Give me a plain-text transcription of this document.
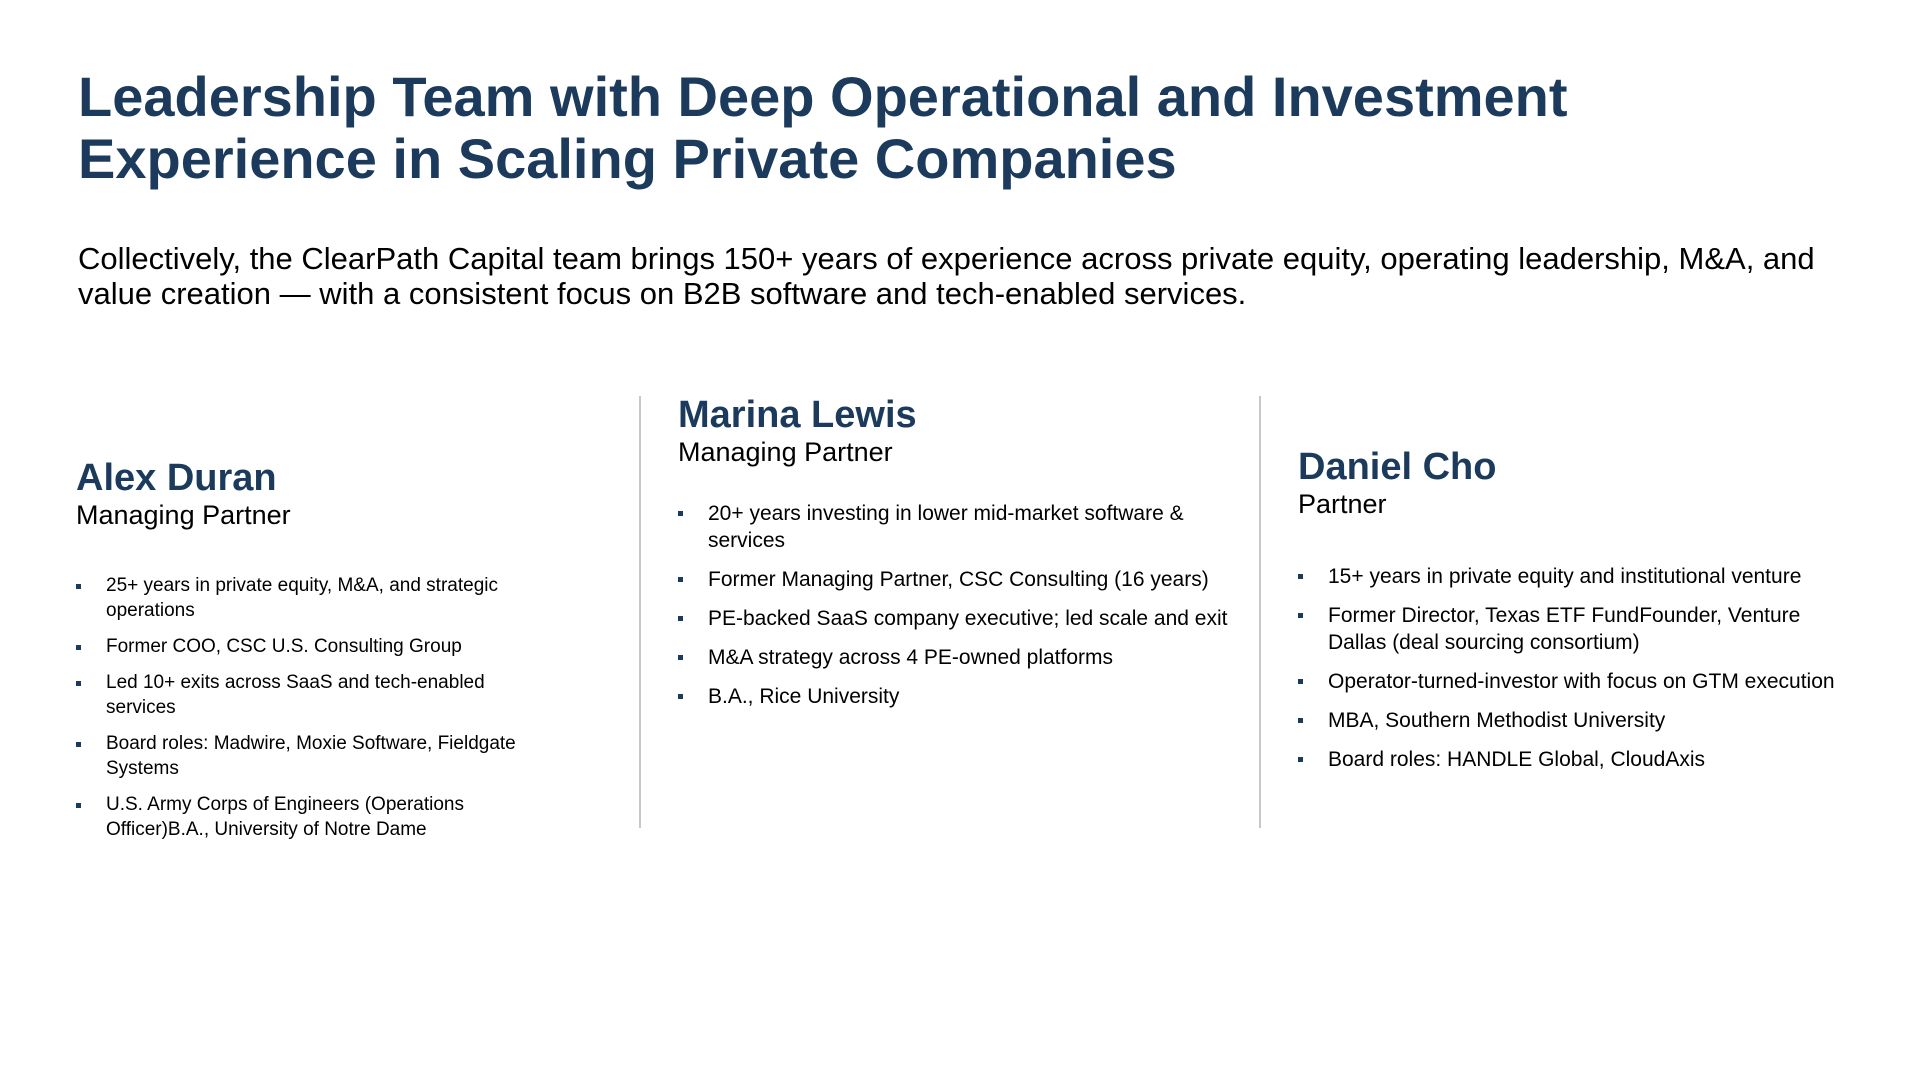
Leadership Team with Deep Operational and Investment Experience in Scaling Private Companies

Collectively, the ClearPath Capital team brings 150+ years of experience across private equity, operating leadership, M&A, and value creation — with a consistent focus on B2B software and tech-enabled services.

Alex Duran

Managing Partner

25+ years in private equity, M&A, and strategic operations
Former COO, CSC U.S. Consulting Group
Led 10+ exits across SaaS and tech-enabled services
Board roles: Madwire, Moxie Software, Fieldgate Systems
U.S. Army Corps of Engineers (Operations Officer)B.A., University of Notre Dame
Marina Lewis

Managing Partner

20+ years investing in lower mid-market software & services
Former Managing Partner, CSC Consulting (16 years)
PE-backed SaaS company executive; led scale and exit
M&A strategy across 4 PE-owned platforms
B.A., Rice University
Daniel Cho

Partner

15+ years in private equity and institutional venture
Former Director, Texas ETF FundFounder, Venture Dallas (deal sourcing consortium)
Operator-turned-investor with focus on GTM execution
MBA, Southern Methodist University
Board roles: HANDLE Global, CloudAxis
